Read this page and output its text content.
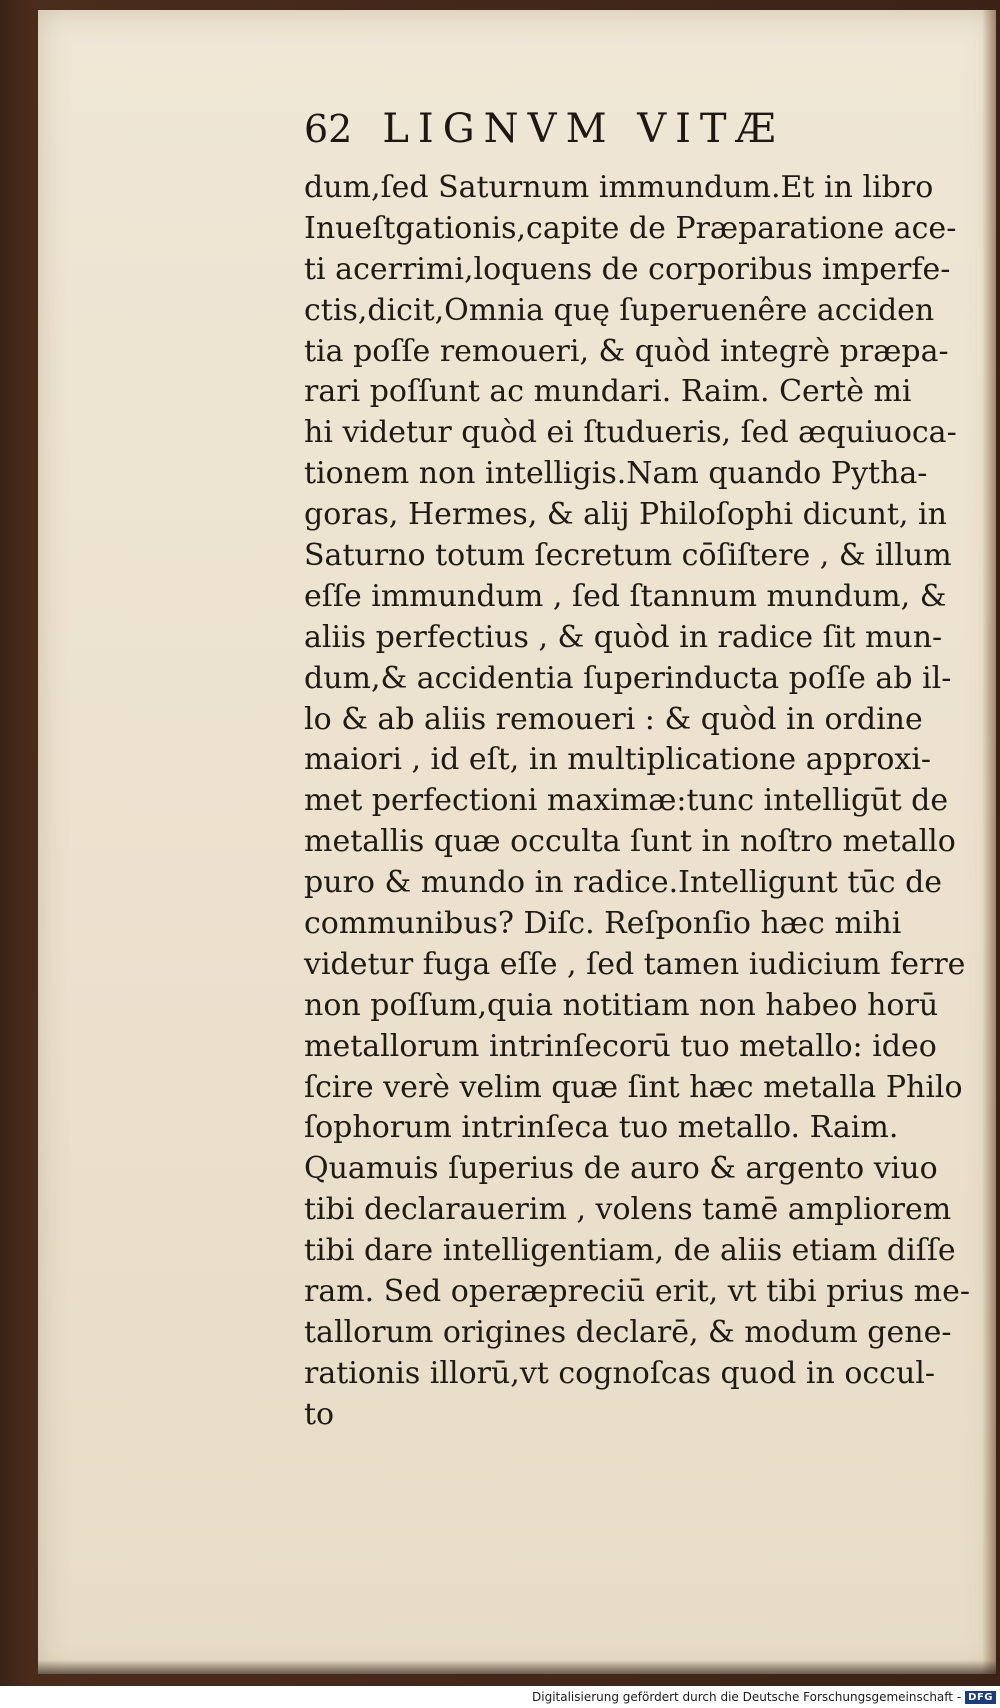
62 LIGNVM VITÆ
dum,ſed Saturnum immundum.Et in libro
Inueſtgationis,capite de Præparatione ace-
ti acerrimi,loquens de corporibus imperfe-
ctis,dicit,Omnia quę ſuperuenêre acciden
tia poſſe remoueri, & quòd integrè præpa-
rari poſſunt ac mundari. Raim. Certè mi
hi videtur quòd ei ſtudueris, ſed æquiuoca-
tionem non intelligis.Nam quando Pytha-
goras, Hermes, & alij Philoſophi dicunt, in
Saturno totum ſecretum cōſiſtere , & illum
eſſe immundum , ſed ſtannum mundum, &
aliis perfectius , & quòd in radice ſit mun-
dum,& accidentia ſuperinducta poſſe ab il-
lo & ab aliis remoueri : & quòd in ordine
maiori , id eſt, in multiplicatione approxi-
met perfectioni maximæ:tunc intelligūt de
metallis quæ occulta ſunt in noſtro metallo
puro & mundo in radice.Intelligunt tūc de
communibus? Diſc. Reſponſio hæc mihi
videtur fuga eſſe , ſed tamen iudicium ferre
non poſſum,quia notitiam non habeo horū
metallorum intrinſecorū tuo metallo: ideo
ſcire verè velim quæ ſint hæc metalla Philo
ſophorum intrinſeca tuo metallo. Raim.
Quamuis ſuperius de auro & argento viuo
tibi declarauerim , volens tamē ampliorem
tibi dare intelligentiam, de aliis etiam diſſe
ram. Sed operæpreciū erit, vt tibi prius me-
tallorum origines declarē, & modum gene-
rationis illorū,vt cognoſcas quod in occul-
to
Digitalisierung gefördert durch die Deutsche Forschungsgemeinschaft - DFG
